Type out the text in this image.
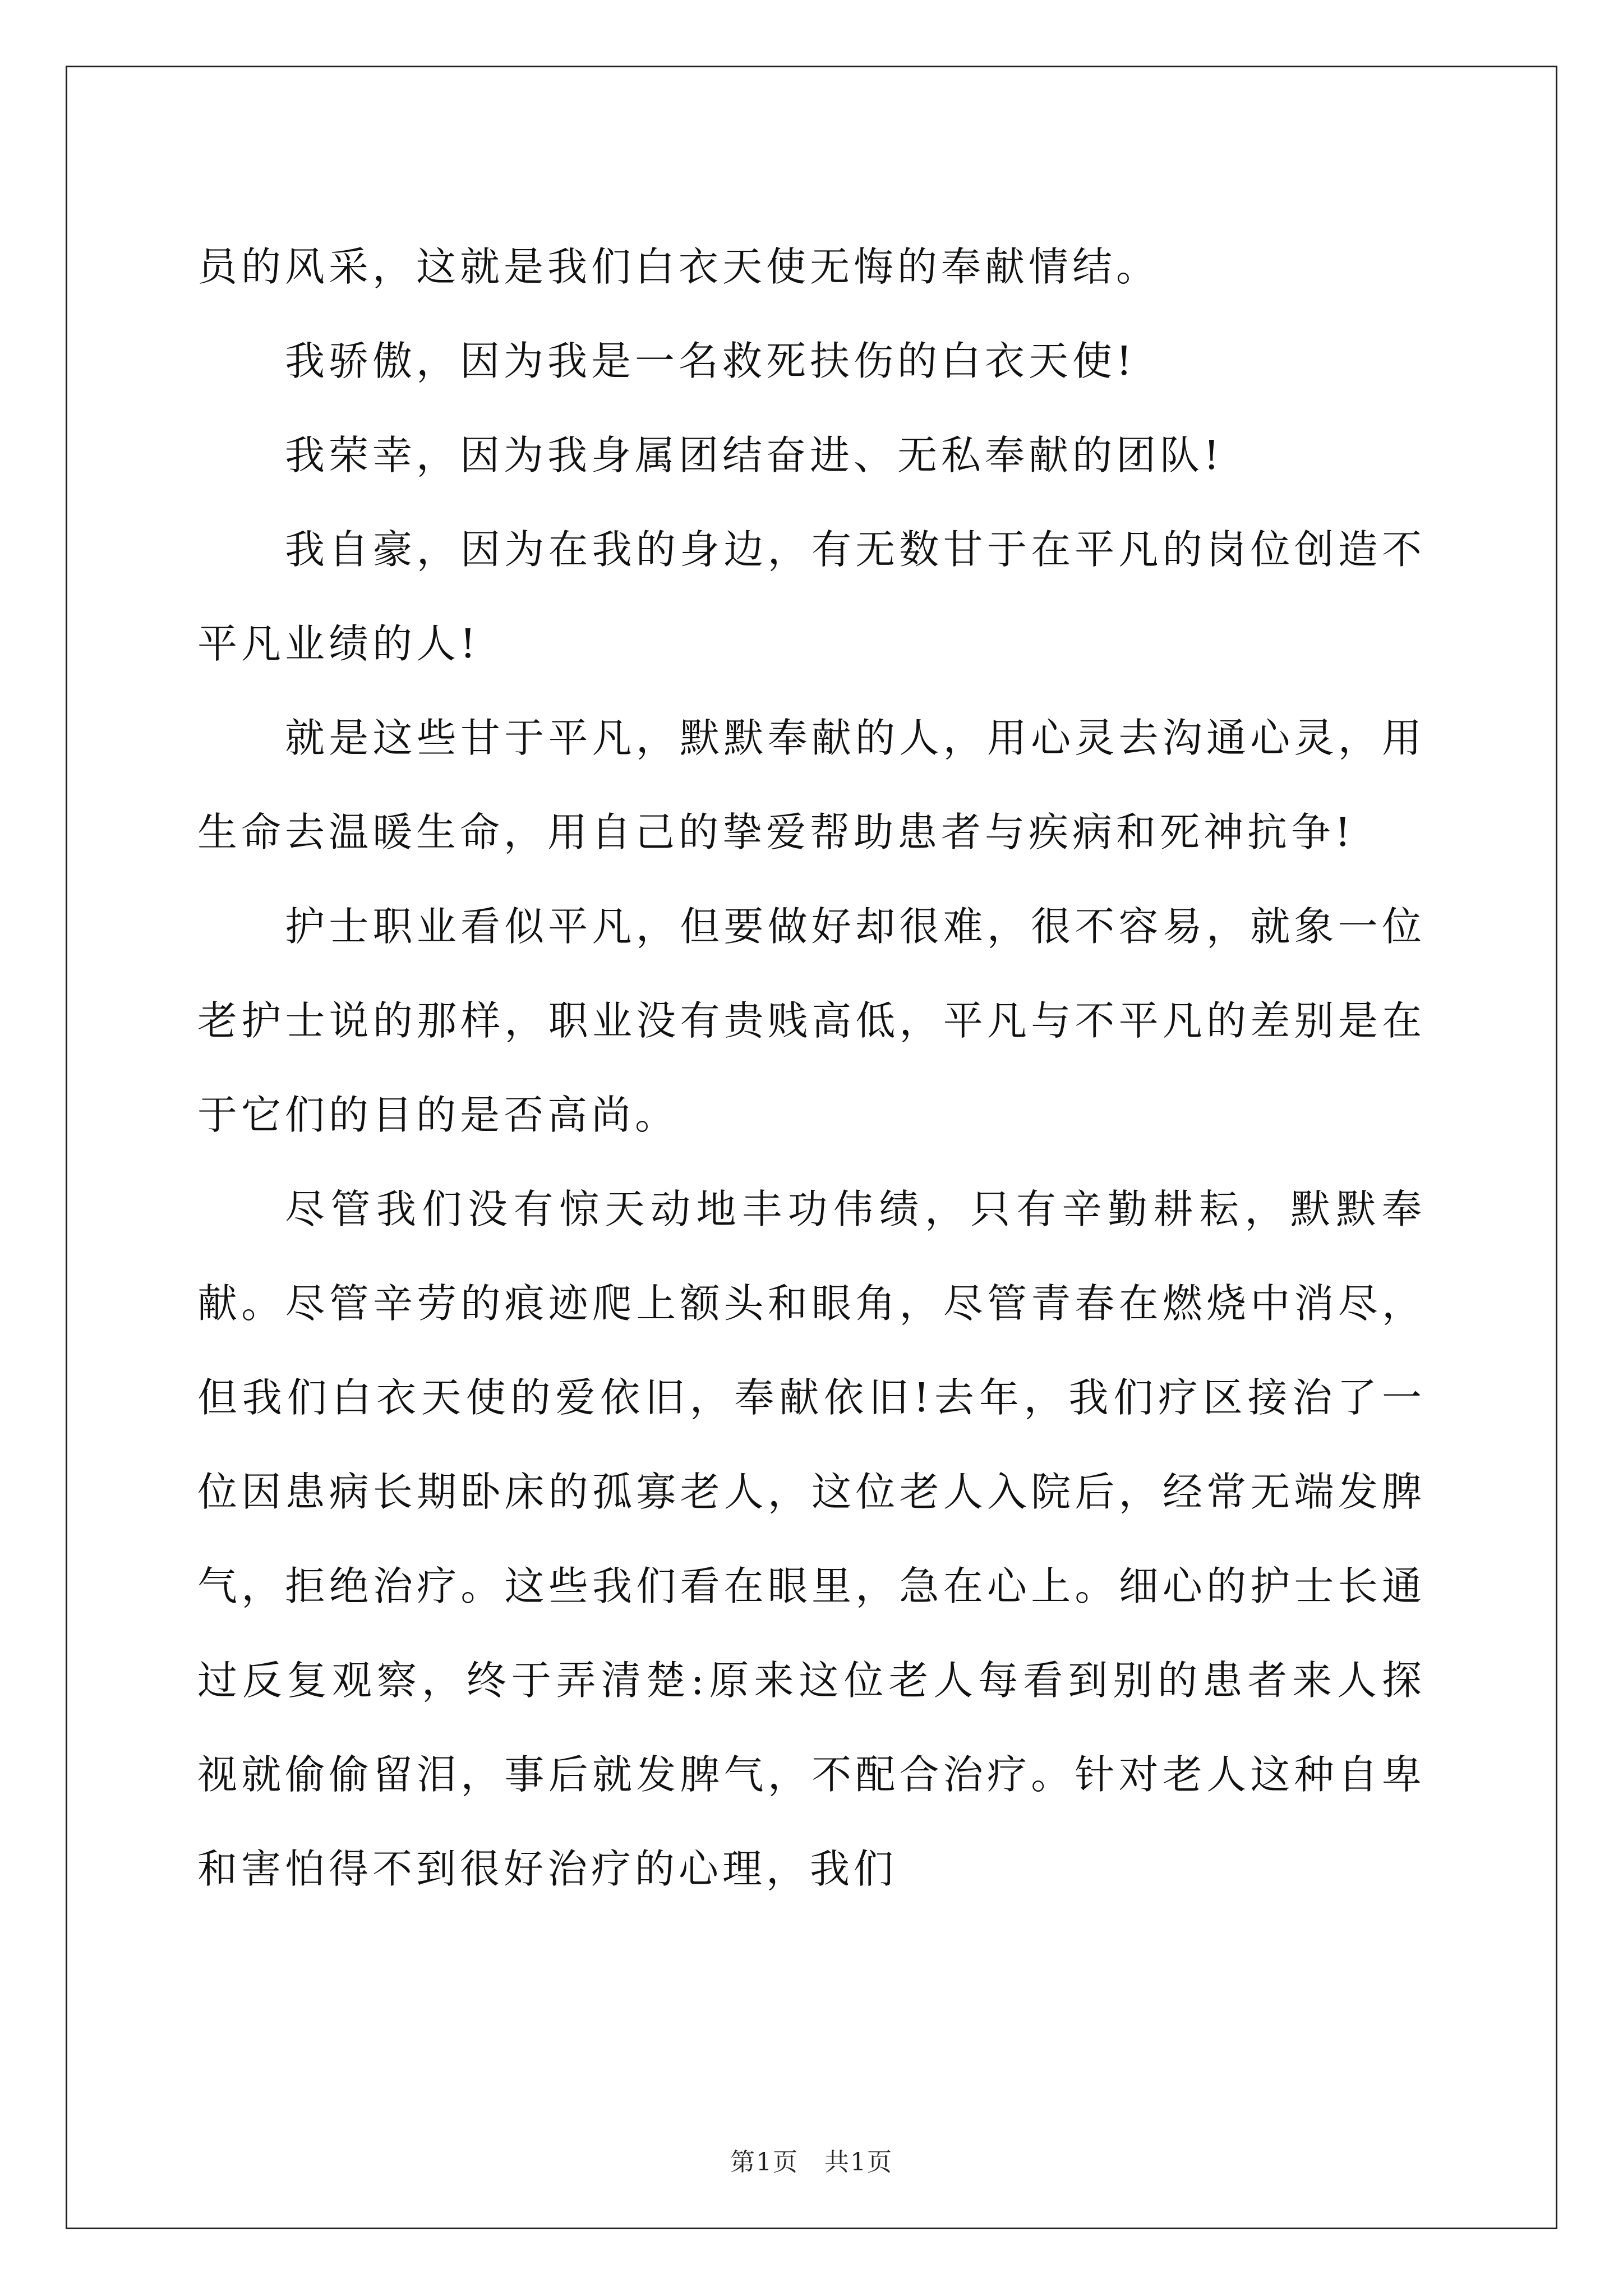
员的风采，这就是我们白衣天使无悔的奉献情结。

我骄傲，因为我是一名救死扶伤的白衣天使!

我荣幸，因为我身属团结奋进、无私奉献的团队!

我自豪，因为在我的身边，有无数甘于在平凡的岗位创造不平凡业绩的人!

就是这些甘于平凡，默默奉献的人，用心灵去沟通心灵，用生命去温暖生命，用自己的挚爱帮助患者与疾病和死神抗争!

护士职业看似平凡，但要做好却很难，很不容易，就象一位老护士说的那样，职业没有贵贱高低，平凡与不平凡的差别是在于它们的目的是否高尚。

尽管我们没有惊天动地丰功伟绩，只有辛勤耕耘，默默奉献。尽管辛劳的痕迹爬上额头和眼角，尽管青春在燃烧中消尽，但我们白衣天使的爱依旧，奉献依旧!去年，我们疗区接治了一位因患病长期卧床的孤寡老人，这位老人入院后，经常无端发脾气，拒绝治疗。这些我们看在眼里，急在心上。细心的护士长通过反复观察，终于弄清楚:原来这位老人每看到别的患者来人探视就偷偷留泪，事后就发脾气，不配合治疗。针对老人这种自卑和害怕得不到很好治疗的心理，我们

第1页　共1页
